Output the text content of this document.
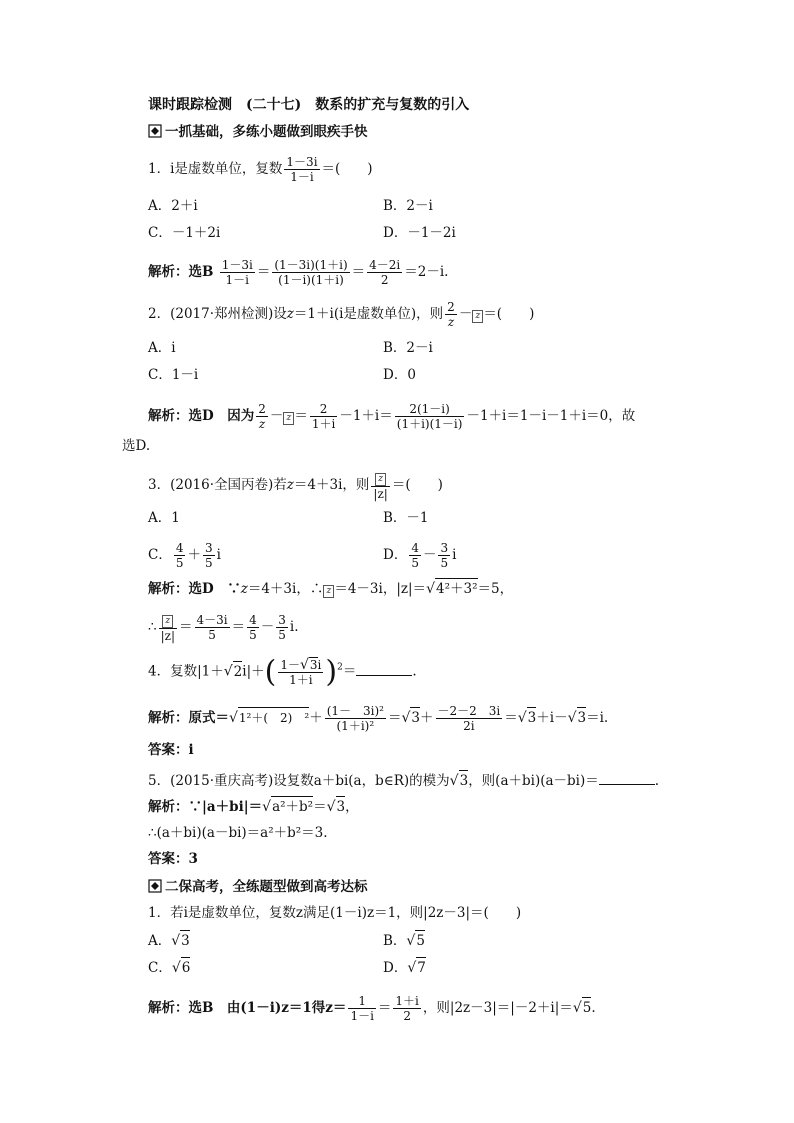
课时跟踪检测　(二十七)　数系的扩充与复数的引入
一抓基础，多练小题做到眼疾手快
1．i是虚数单位，复数 $\frac{1-3i}{1-i}$ ＝(　　)
A．2＋i	B．2－i
C．－1＋2i	D．－1－2i
解析：选B $\frac{1-3i}{1-i} = \frac{(1-3i)(1+i)}{(1-i)(1+i)} = \frac{4-2i}{2} =2-i$.
2．(2017·郑州检测)设z＝1＋i(i是虚数单位)，则 $\frac{2}{z} - z$ ＝(　　)
A．i	B．2－i
C．1－i	D．0
解析：选D　因为 $\frac{2}{z} - z = \frac{2}{1+i} -1+i= \frac{2(1-i)}{(1+i)(1-i)} -1+i=1-i-1+i=0$，故
选D.
3．(2016·全国丙卷)若z＝4＋3i，则 $\frac{z}{|z|}$ ＝(　　)
A．1	B．－1
C． $\frac{4}{5} + \frac{3}{5}$ i	D． $\frac{4}{5} - \frac{3}{5}$ i
解析：选D　∵z＝4＋3i，∴ z ＝4－3i，|z|＝√4²＋3²＝5，
∴ $\frac{z}{|z|} = \frac{4-3i}{5} = \frac{4}{5} - \frac{3}{5} i$.
4．复数$|1+√2i|+( \frac{1-√3i}{1+i} )^2=$	.
解析：原式＝√1²＋(　2)　$^2+ \frac{\text{(1－　3i)²}}{\text{(1＋i)²}} =√3+ \frac{-2-2 3i}{2i} =√3+i-√3=i$.
答案：i
5．(2015·重庆高考)设复数a＋bi(a，b∈R)的模为√3，则(a＋bi)(a－bi)＝	.
解析：∵|a＋bi|＝√a²＋b²＝√3，
∴(a＋bi)(a－bi)＝a²＋b²＝3.
答案：3
二保高考，全练题型做到高考达标
1．若i是虚数单位，复数z满足(1－i)z＝1，则|2z－3|＝(　　)
A．√3	B．√5
C．√6	D．√7
解析：选B　由(1－i)z＝1得$z= \frac{1}{1-i} = \frac{1+i}{2}$ ，则|2z－3|＝|－2＋i|＝√5.
